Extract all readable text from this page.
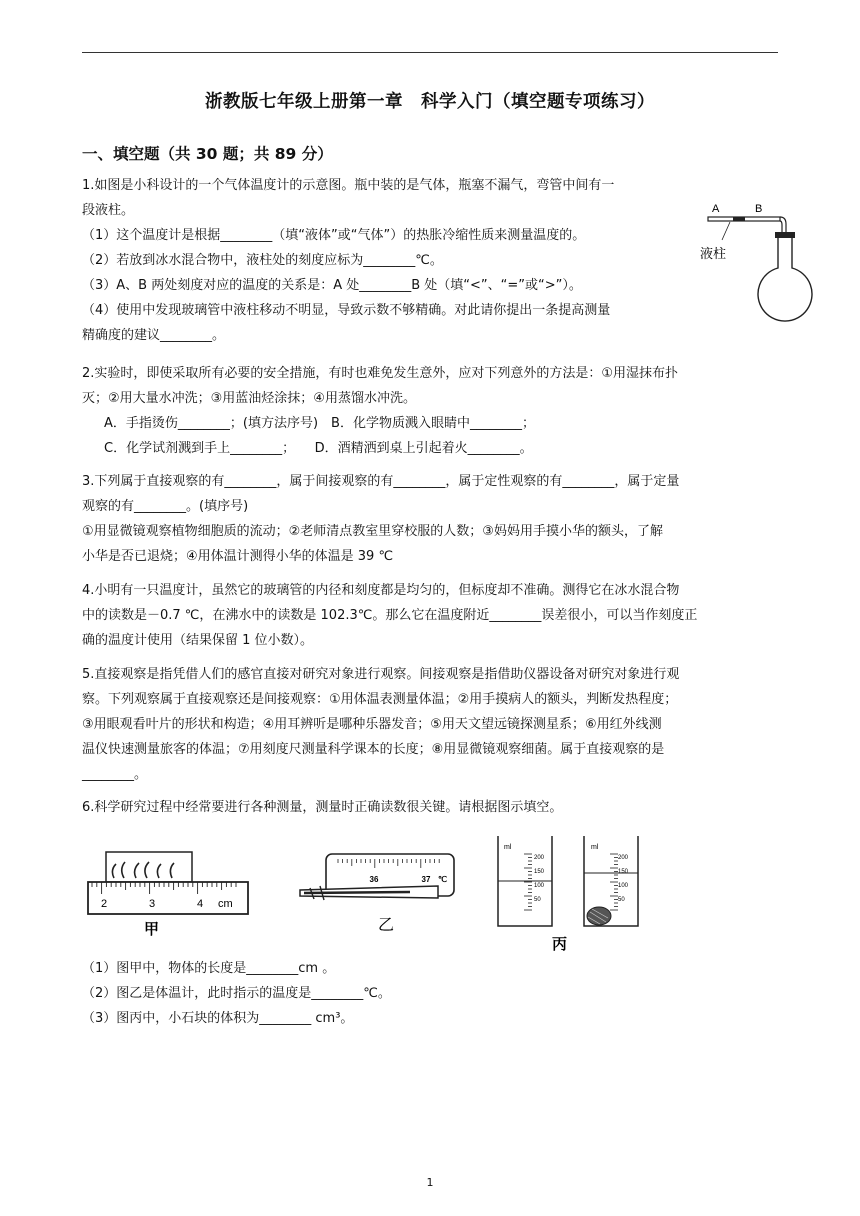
浙教版七年级上册第一章　科学入门（填空题专项练习）
一、填空题（共 30 题；共 89 分）
1.如图是小科设计的一个气体温度计的示意图。瓶中装的是气体，瓶塞不漏气，弯管中间有一
段液柱。
（1）这个温度计是根据________（填“液体”或“气体”）的热胀冷缩性质来测量温度的。
（2）若放到冰水混合物中，液柱处的刻度应标为________℃。
（3）A、B 两处刻度对应的温度的关系是：A 处________B 处（填“<”、“=”或“>”）。
（4）使用中发现玻璃管中液柱移动不明显，导致示数不够精确。对此请你提出一条提高测量
精确度的建议________。
A	B
液柱
2.实验时，即使采取所有必要的安全措施，有时也难免发生意外，应对下列意外的方法是：①用湿抹布扑
灭；②用大量水冲洗；③用蓝油烃涂抹；④用蒸馏水冲洗。
A．手指烫伤________；(填方法序号)　B．化学物质溅入眼睛中________；
C．化学试剂溅到手上________；　　D．酒精洒到桌上引起着火________。
3.下列属于直接观察的有________，属于间接观察的有________，属于定性观察的有________，属于定量
观察的有________。(填序号)
①用显微镜观察植物细胞质的流动；②老师清点教室里穿校服的人数；③妈妈用手摸小华的额头，了解
小华是否已退烧；④用体温计测得小华的体温是 39 ℃
4.小明有一只温度计，虽然它的玻璃管的内径和刻度都是均匀的，但标度却不准确。测得它在冰水混合物
中的读数是－0.7 ℃，在沸水中的读数是 102.3℃。那么它在温度附近________误差很小，可以当作刻度正
确的温度计使用（结果保留 1 位小数）。
5.直接观察是指凭借人们的感官直接对研究对象进行观察。间接观察是指借助仪器设备对研究对象进行观
察。下列观察属于直接观察还是间接观察：①用体温表测量体温；②用手摸病人的额头，判断发热程度；
③用眼观看叶片的形状和构造；④用耳辨听是哪种乐器发音；⑤用天文望远镜探测星系；⑥用红外线测
温仪快速测量旅客的体温；⑦用刻度尺测量科学课本的长度；⑧用显微镜观察细菌。属于直接观察的是
________。
6.科学研究过程中经常要进行各种测量，测量时正确读数很关键。请根据图示填空。
2	3	4 cm
甲
36	37 ℃
乙
ml
200
150
100
50
ml
200
150
100
50
丙
（1）图甲中，物体的长度是________cm 。
（2）图乙是体温计，此时指示的温度是________℃。
（3）图丙中，小石块的体积为________ cm³。
1
